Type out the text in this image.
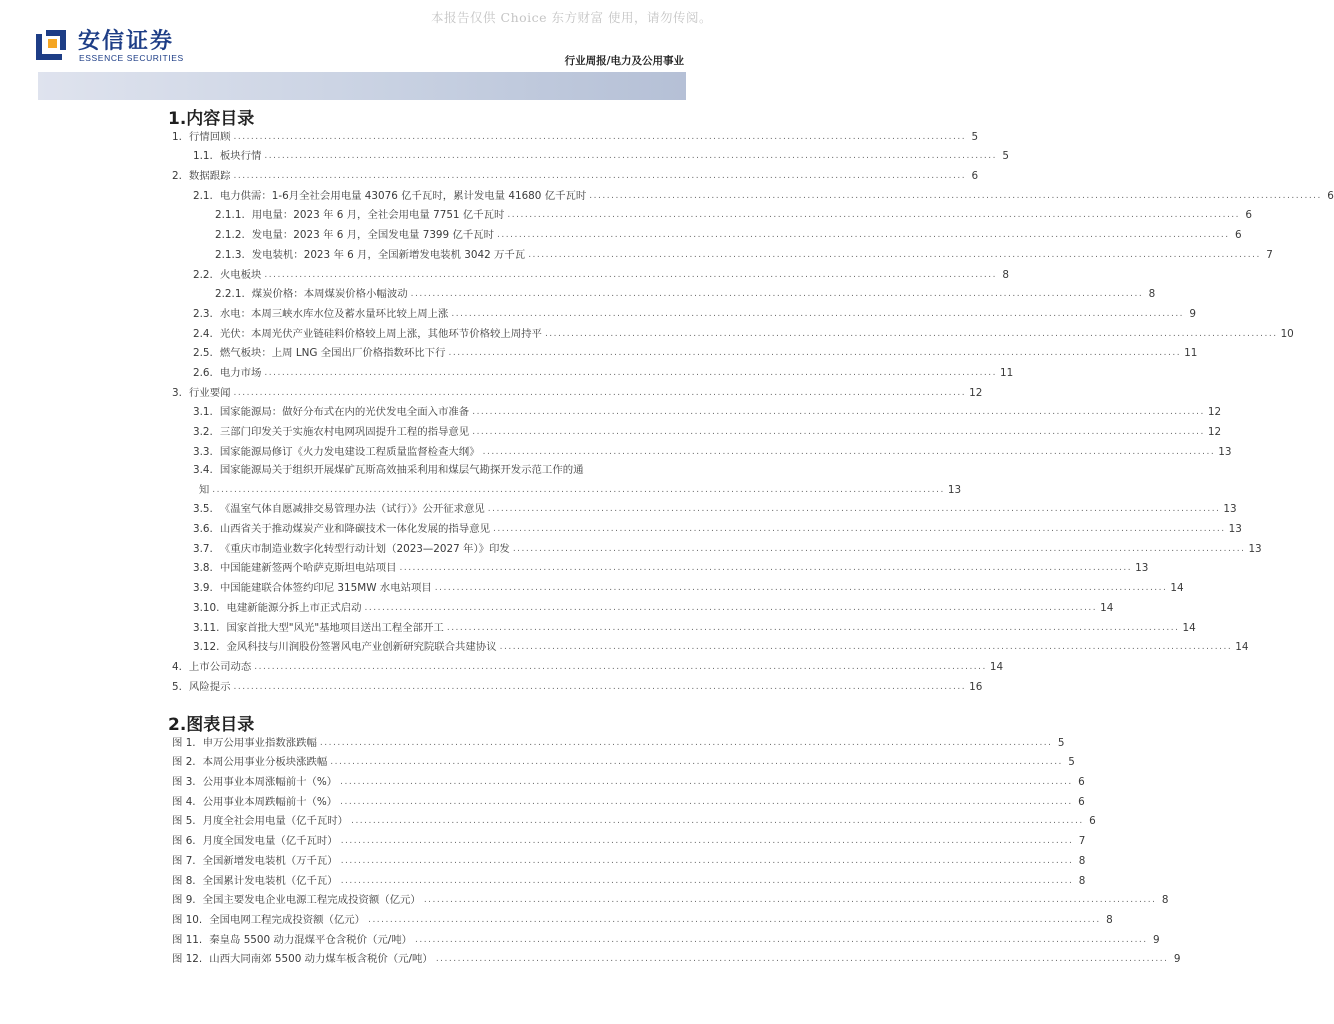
本报告仅供 Choice 东方财富 使用，请勿传阅。
安信证券
ESSENCE SECURITIES	行业周报/电力及公用事业
1.内容目录
1. 行情回顾 .....	5
1.1. 板块行情 .....	5
2. 数据跟踪 .....	6
2.1. 电力供需：1-6月全社会用电量 43076 亿千瓦时，累计发电量 41680 亿千瓦时 .....	6
2.1.1. 用电量：2023 年 6 月，全社会用电量 7751 亿千瓦时 .....	6
2.1.2. 发电量：2023 年 6 月，全国发电量 7399 亿千瓦时 .....	6
2.1.3. 发电装机：2023 年 6 月，全国新增发电装机 3042 万千瓦 .....	7
2.2. 火电板块 .....	8
2.2.1. 煤炭价格：本周煤炭价格小幅波动 .....	8
2.3. 水电：本周三峡水库水位及蓄水量环比较上周上涨 .....	9
2.4. 光伏：本周光伏产业链硅料价格较上周上涨，其他环节价格较上周持平 .....	10
2.5. 燃气板块：上周 LNG 全国出厂价格指数环比下行 .....	11
2.6. 电力市场 .....	11
3. 行业要闻 .....	12
3.1. 国家能源局：做好分布式在内的光伏发电全面入市准备 .....	12
3.2. 三部门印发关于实施农村电网巩固提升工程的指导意见 .....	12
3.3. 国家能源局修订《火力发电建设工程质量监督检查大纲》 .....	13
3.4. 国家能源局关于组织开展煤矿瓦斯高效抽采利用和煤层气勘探开发示范工作的通
知 .....	13
3.5. 《温室气体自愿减排交易管理办法（试行）》公开征求意见 .....	13
3.6. 山西省关于推动煤炭产业和降碳技术一体化发展的指导意见 .....	13
3.7. 《重庆市制造业数字化转型行动计划（2023—2027 年）》印发 .....	13
3.8. 中国能建新签两个哈萨克斯坦电站项目 .....	13
3.9. 中国能建联合体签约印尼 315MW 水电站项目 .....	14
3.10. 电建新能源分拆上市正式启动 .....	14
3.11. 国家首批大型"风光"基地项目送出工程全部开工 .....	14
3.12. 金风科技与川润股份签署风电产业创新研究院联合共建协议 .....	14
4. 上市公司动态 .....	14
5. 风险提示 .....	16
2.图表目录
图 1. 申万公用事业指数涨跌幅 .....	5
图 2. 本周公用事业分板块涨跌幅 .....	5
图 3. 公用事业本周涨幅前十（%） .....	6
图 4. 公用事业本周跌幅前十（%） .....	6
图 5. 月度全社会用电量（亿千瓦时） .....	6
图 6. 月度全国发电量（亿千瓦时） .....	7
图 7. 全国新增发电装机（万千瓦） .....	8
图 8. 全国累计发电装机（亿千瓦） .....	8
图 9. 全国主要发电企业电源工程完成投资额（亿元） .....	8
图 10. 全国电网工程完成投资额（亿元） .....	8
图 11. 秦皇岛 5500 动力混煤平仓含税价（元/吨） .....	9
图 12. 山西大同南郊 5500 动力煤车板含税价（元/吨） .....	9
